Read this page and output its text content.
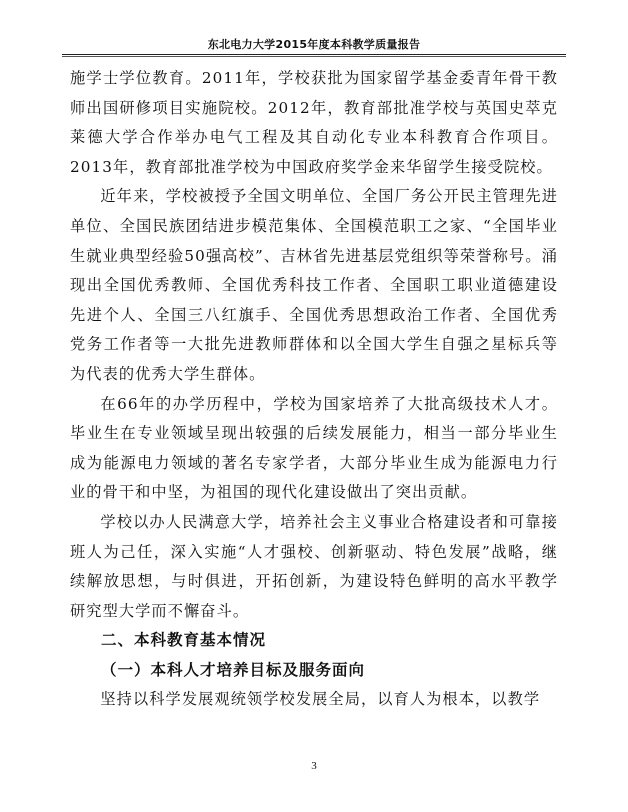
东北电力大学2015年度本科教学质量报告

施学士学位教育。2011年，学校获批为国家留学基金委青年骨干教师出国研修项目实施院校。2012年，教育部批准学校与英国史萃克莱德大学合作举办电气工程及其自动化专业本科教育合作项目。2013年，教育部批准学校为中国政府奖学金来华留学生接受院校。

近年来，学校被授予全国文明单位、全国厂务公开民主管理先进单位、全国民族团结进步模范集体、全国模范职工之家、“全国毕业生就业典型经验50强高校”、吉林省先进基层党组织等荣誉称号。涌现出全国优秀教师、全国优秀科技工作者、全国职工职业道德建设先进个人、全国三八红旗手、全国优秀思想政治工作者、全国优秀党务工作者等一大批先进教师群体和以全国大学生自强之星标兵等为代表的优秀大学生群体。

在66年的办学历程中，学校为国家培养了大批高级技术人才。毕业生在专业领域呈现出较强的后续发展能力，相当一部分毕业生成为能源电力领域的著名专家学者，大部分毕业生成为能源电力行业的骨干和中坚，为祖国的现代化建设做出了突出贡献。

学校以办人民满意大学，培养社会主义事业合格建设者和可靠接班人为己任，深入实施“人才强校、创新驱动、特色发展”战略，继续解放思想，与时俱进，开拓创新，为建设特色鲜明的高水平教学研究型大学而不懈奋斗。

二、本科教育基本情况

（一）本科人才培养目标及服务面向

坚持以科学发展观统领学校发展全局，以育人为根本，以教学

3
